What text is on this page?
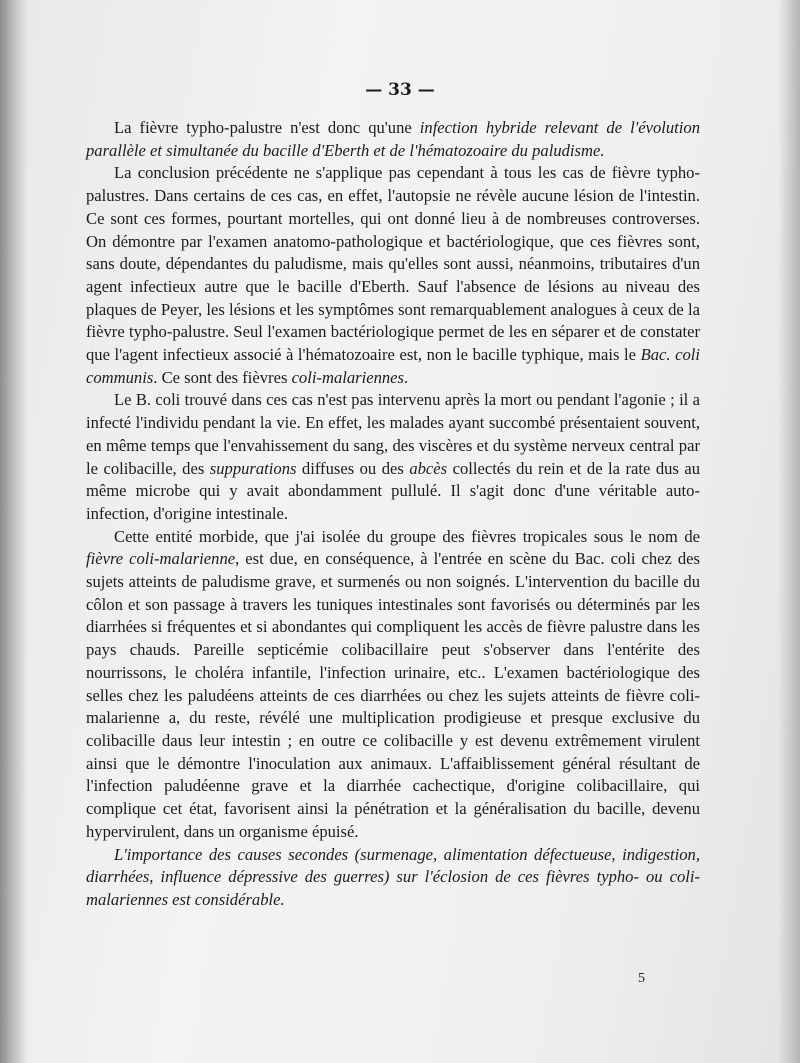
— 33 —

La fièvre typho-palustre n'est donc qu'une infection hybride relevant de l'évolution parallèle et simultanée du bacille d'Eberth et de l'hématozoaire du paludisme.

La conclusion précédente ne s'applique pas cependant à tous les cas de fièvre typho-palustres. Dans certains de ces cas, en effet, l'autopsie ne révèle aucune lésion de l'intestin. Ce sont ces formes, pourtant mortelles, qui ont donné lieu à de nombreuses controverses. On démontre par l'examen anatomo-pathologique et bactériologique, que ces fièvres sont, sans doute, dépendantes du paludisme, mais qu'elles sont aussi, néanmoins, tributaires d'un agent infectieux autre que le bacille d'Eberth. Sauf l'absence de lésions au niveau des plaques de Peyer, les lésions et les symptômes sont remarquablement analogues à ceux de la fièvre typho-palustre. Seul l'examen bactériologique permet de les en séparer et de constater que l'agent infectieux associé à l'hématozoaire est, non le bacille typhique, mais le Bac. coli communis. Ce sont des fièvres coli-malariennes.

Le B. coli trouvé dans ces cas n'est pas intervenu après la mort ou pendant l'agonie ; il a infecté l'individu pendant la vie. En effet, les malades ayant succombé présentaient souvent, en même temps que l'envahissement du sang, des viscères et du système nerveux central par le colibacille, des suppurations diffuses ou des abcès collectés du rein et de la rate dus au même microbe qui y avait abondamment pullulé. Il s'agit donc d'une véritable auto-infection, d'origine intestinale.

Cette entité morbide, que j'ai isolée du groupe des fièvres tropicales sous le nom de fièvre coli-malarienne, est due, en conséquence, à l'entrée en scène du Bac. coli chez des sujets atteints de paludisme grave, et surmenés ou non soignés. L'intervention du bacille du côlon et son passage à travers les tuniques intestinales sont favorisés ou déterminés par les diarrhées si fréquentes et si abondantes qui compliquent les accès de fièvre palustre dans les pays chauds. Pareille septicémie colibacillaire peut s'observer dans l'entérite des nourrissons, le choléra infantile, l'infection urinaire, etc.. L'examen bactériologique des selles chez les paludéens atteints de ces diarrhées ou chez les sujets atteints de fièvre coli-malarienne a, du reste, révélé une multiplication prodigieuse et presque exclusive du colibacille daus leur intestin ; en outre ce colibacille y est devenu extrêmement virulent ainsi que le démontre l'inoculation aux animaux. L'affaiblissement général résultant de l'infection paludéenne grave et la diarrhée cachectique, d'origine colibacillaire, qui complique cet état, favorisent ainsi la pénétration et la généralisation du bacille, devenu hypervirulent, dans un organisme épuisé.

L'importance des causes secondes (surmenage, alimentation défectueuse, indigestion, diarrhées, influence dépressive des guerres) sur l'éclosion de ces fièvres typho- ou coli-malariennes est considérable.

5
